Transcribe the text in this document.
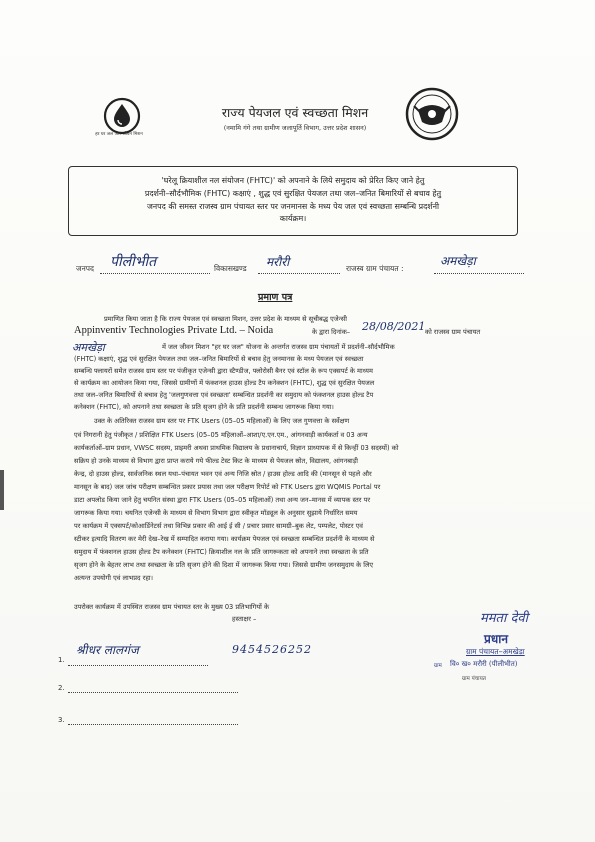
हर घर जल जल जीवन मिशन
राज्य पेयजल एवं स्वच्छता मिशन
(नमामि गंगे तथा ग्रामीण जलापूर्ति विभाग, उत्तर प्रदेश शासन)
'घरेलू क्रियाशील नल संयोजन (FHTC)' को अपनाने के लिये समुदाय को प्रेरित किए जाने हेतु
प्रदर्शनी–सौर्दभौमिक (FHTC) कक्षाएं , शुद्ध एवं सुरक्षित पेयजल तथा जल–जनित बिमारियों से बचाव हेतु
जनपद की समस्त राजस्व ग्राम पंचायत स्तर पर जनमानस के मध्य पेय जल एवं स्वच्छता सम्बन्धि प्रदर्शनी
कार्यक्रम।
जनपद पीलीभीत	विकासखण्ड मरौरी	राजस्व ग्राम पंचायत :
अमखेड़ा
प्रमाण पत्र
प्रमाणित किया जाता है कि राज्य पेयजल एवं स्वच्छता मिशन, उत्तर प्रदेश के माध्यम से सूचीबद्ध एजेन्सी
Appinventiv Technologies Private Ltd. – Noida	के द्वारा दिनांक– 28/08/2021 को राजस्व ग्राम पंचायत
अमखेड़ा	में जल जीवन मिशन "हर घर जल" योजना के अन्तर्गत राजस्व ग्राम पंचायतों में प्रदर्शनी–सौर्दभौमिक
(FHTC) कक्षाएं, शुद्ध एवं सुरक्षित पेयजल तथा जल–जनित बिमारियों से बचाव हेतु जनमानस के मध्य पेयजल एवं स्वच्छता
सम्बन्धि फ्लायरों समेत राजस्व ग्राम स्तर पर पंजीकृत एजेन्सी द्वारा स्टैण्डीज, फ्लोरोसी बैनर एवं स्टॉल के रूप एक्सपर्ट के माध्यम
से कार्यक्रम का आयोजन किया गया, जिससे ग्रामीणों में फंक्शनल हाउस होल्ड टैप कनेक्शन (FHTC), शुद्ध एवं सुरक्षित पेयजल
तथा जल–जनित बिमारियों से बचाव हेतु 'जलगुणवत्ता एवं स्वच्छता' सम्बन्धित प्रदर्शनी का समुदाय को फंक्शनल हाउस होल्ड टैप
कनेक्शन (FHTC), को अपनाने तथा स्वच्छता के प्रति सृजग होने के प्रति प्रदर्शनी सम्बन्ध जागरूक किया गया।
उक्त के अतिरिक्त राजस्व ग्राम स्तर पर FTK Users (05–05 महिलाओं) के लिए जल गुणवत्ता के सर्वेक्षण
एवं निगरानी हेतु पंजीकृत / प्रशिक्षित FTK Users (05–05 महिलाओं–आशा/ए.एन.एम., आंगनवाड़ी कार्यकर्ता व 03 अन्य
कार्यकर्ताओं–ग्राम प्रधान, VWSC सदस्य, प्राइमरी अथवा प्राथमिक विद्यालय के प्रधानाचार्य, विज्ञान प्राध्यापक में से किन्हीं 03 सदस्यों) को
सक्रिय हो उनके माध्यम से विभाग द्वारा प्राप्त कराये गये फील्ड टेस्ट किट के माध्यम से पेयजल स्रोत, विद्यालय, आंगनबाड़ी
केन्द्र, दो हाउस होल्ड, सार्वजनिक स्थल यथा–पंचायत भवन एवं अन्य निजि स्रोत / हाउस होल्ड आदि की (मानसून से पहले और
मानसून के बाद) जल जांच परीक्षण सम्बन्धित प्रकार प्रयास तथा जल परीक्षण रिपोर्ट को FTK Users द्वारा WQMIS Portal पर
डाटा अपलोड किया जाने हेतु चयनित संस्था द्वारा FTK Users (05–05 महिलाओं) तथा अन्य जन–मानस में व्यापक स्तर पर
जागरूक किया गया। चयनित एजेन्सी के माध्यम से विभाग विभाग द्वारा स्वीकृत मॉड्यूल के अनुसार सुझाये निर्धारित समय
पर कार्यक्रम में एक्सपर्ट/कोआर्डिनेटर्स तथा विभिन्न प्रकार की आई ई सी / प्रचार प्रसार सामग्री–बुक लेट, पम्पलेट, पोस्टर एवं
स्टीकर इत्यादि वितरण कर मेरी देख–रेख में सम्पादित कराया गया। कार्यक्रम पेयजल एवं स्वच्छता सम्बन्धित प्रदर्शनी के माध्यम से
समुदाय में फंक्शनल हाउस होल्ड टैप कनेक्शन (FHTC) क्रियाशील नल के प्रति जागरूकता को अपनाने तथा स्वच्छता के प्रति
सृजग होने के बेहतर लाभ तथा स्वच्छता के प्रति सृजग होने की दिशा में जागरूक किया गया। जिससे ग्रामीण जनसमुदाय के लिए
अत्यन्त उपयोगी एवं लाभप्रद रहा।
उपरोक्त कार्यक्रम में उपस्थित राजस्व ग्राम पंचायत स्तर के मुख्य 03 प्रतिभागियों के
हस्ताक्षर –
1.
श्रीधर लालगंज	9454526252
2.
3.
ममता देवी
प्रधान
ग्राम पंचायत–अमखेड़ा
ग्राम वि० ख० मरौरी (पीलीभीत)
ग्राम पंचायत
